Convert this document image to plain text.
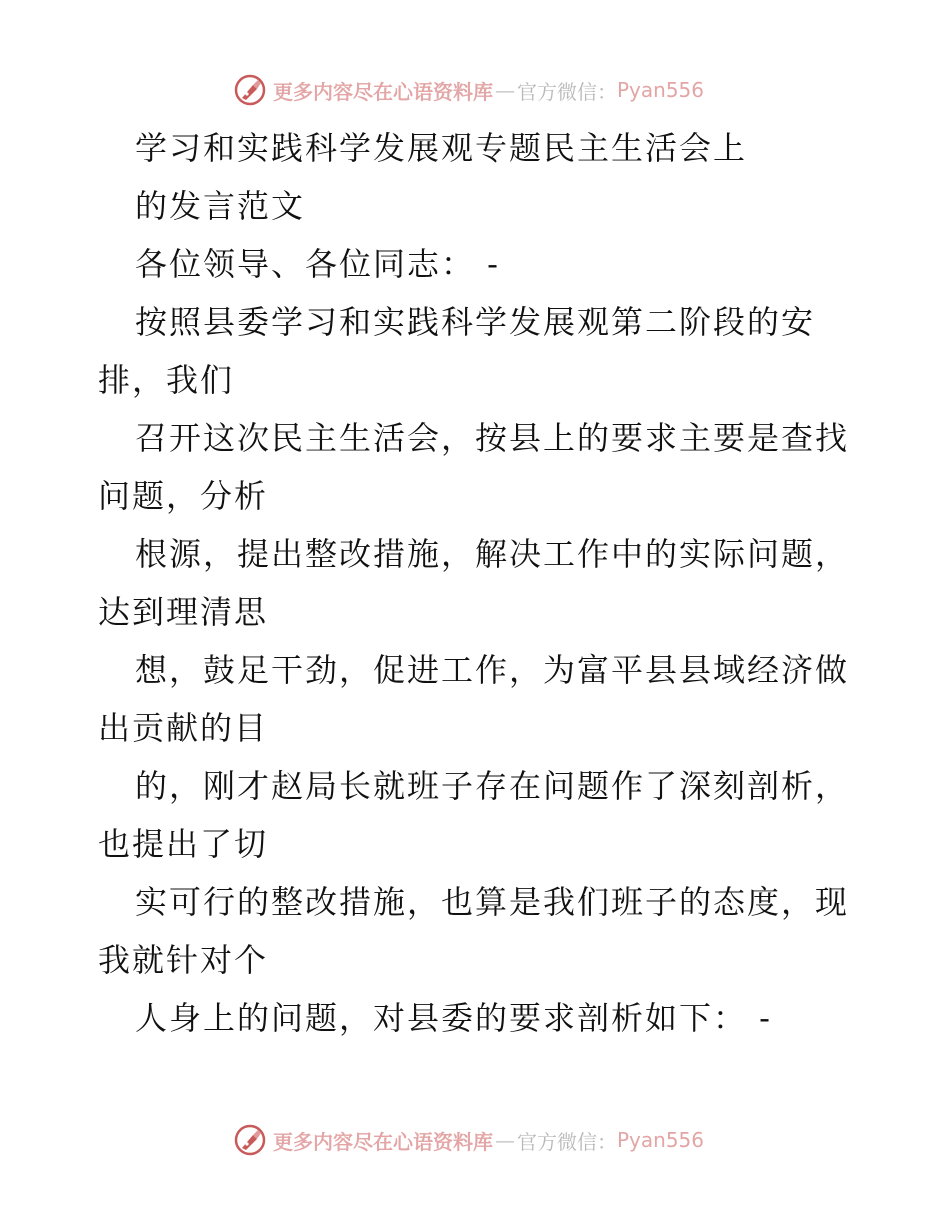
更多内容尽在心语资料库 — 官方微信： Pyan556
学习和实践科学发展观专题民主生活会上
的发言范文
各位领导、各位同志： -
按照县委学习和实践科学发展观第二阶段的安
排，我们
召开这次民主生活会，按县上的要求主要是查找
问题，分析
根源，提出整改措施，解决工作中的实际问题，
达到理清思
想，鼓足干劲，促进工作，为富平县县域经济做
出贡献的目
的，刚才赵局长就班子存在问题作了深刻剖析，
也提出了切
实可行的整改措施，也算是我们班子的态度，现
我就针对个
人身上的问题，对县委的要求剖析如下： -
更多内容尽在心语资料库 — 官方微信： Pyan556
